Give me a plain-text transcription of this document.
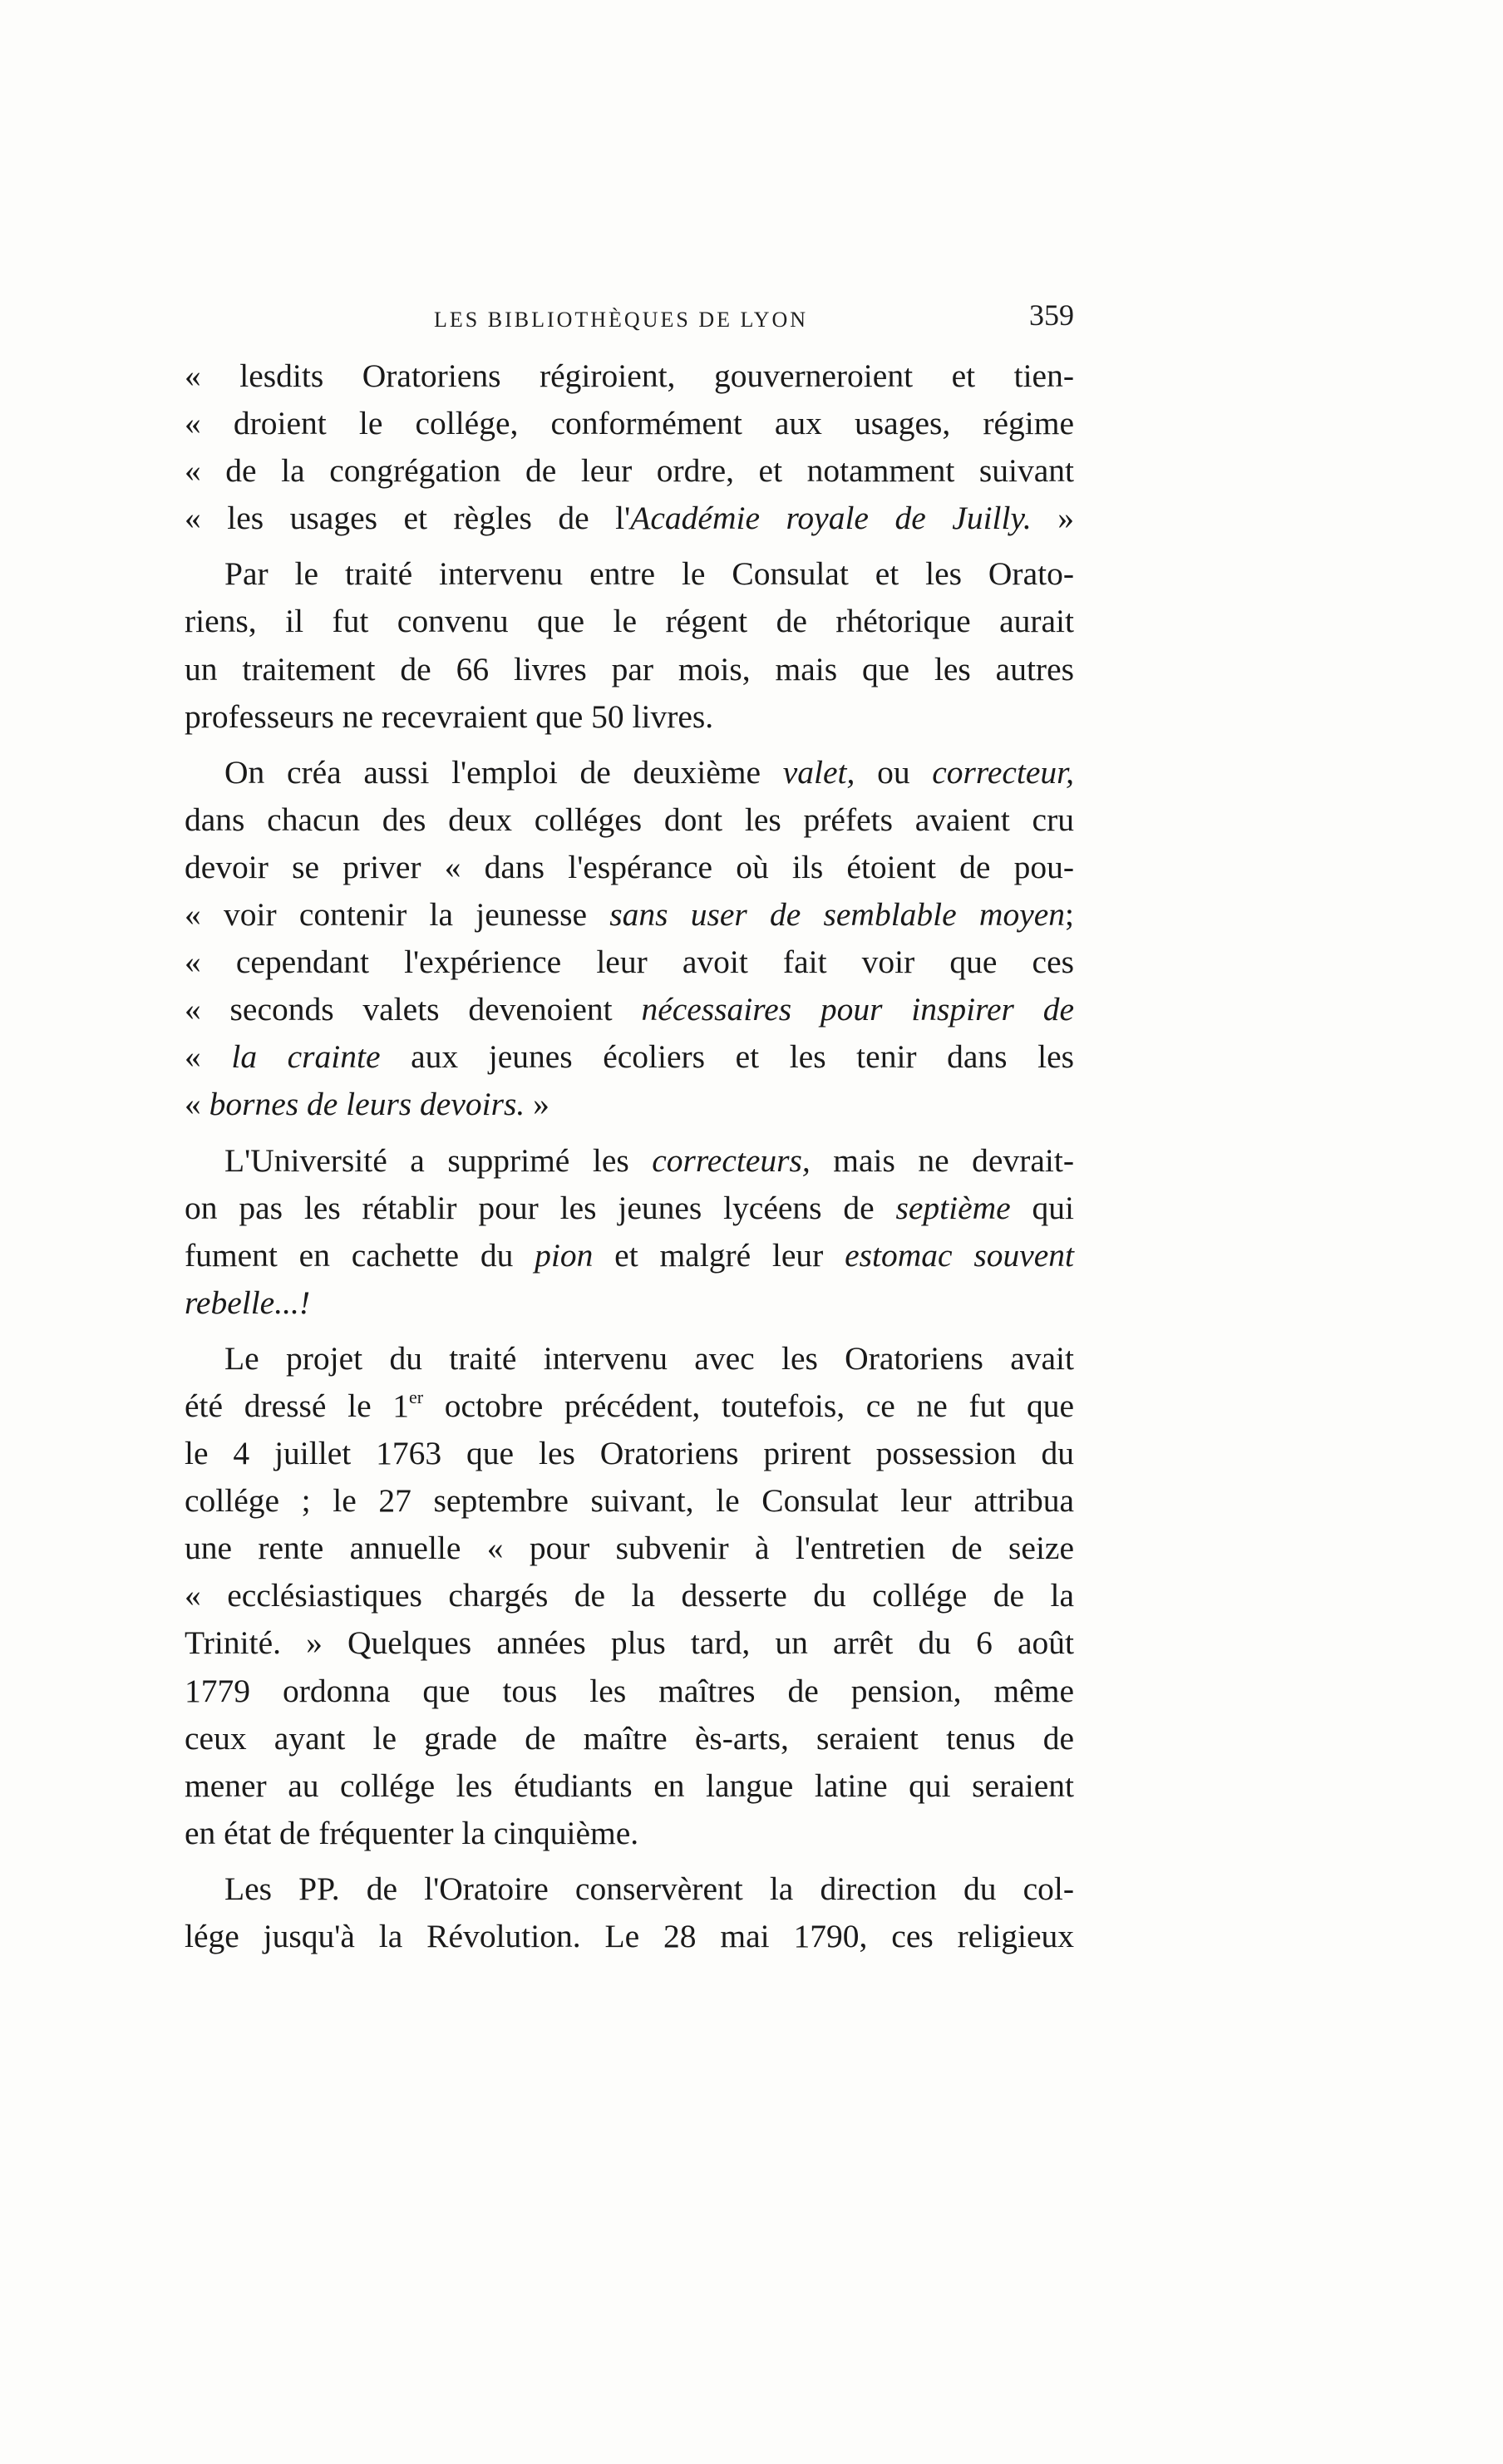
LES BIBLIOTHÈQUES DE LYON	359
« lesdits Oratoriens régiroient, gouverneroient et tien-
« droient le collége, conformément aux usages, régime
« de la congrégation de leur ordre, et notamment suivant
« les usages et règles de l'Académie royale de Juilly. »
Par le traité intervenu entre le Consulat et les Orato-
riens, il fut convenu que le régent de rhétorique aurait
un traitement de 66 livres par mois, mais que les autres
professeurs ne recevraient que 50 livres.
On créa aussi l'emploi de deuxième valet, ou correcteur,
dans chacun des deux colléges dont les préfets avaient cru
devoir se priver « dans l'espérance où ils étoient de pou-
« voir contenir la jeunesse sans user de semblable moyen;
« cependant l'expérience leur avoit fait voir que ces
« seconds valets devenoient nécessaires pour inspirer de
« la crainte aux jeunes écoliers et les tenir dans les
« bornes de leurs devoirs. »
L'Université a supprimé les correcteurs, mais ne devrait-
on pas les rétablir pour les jeunes lycéens de septième qui
fument en cachette du pion et malgré leur estomac souvent
rebelle...!
Le projet du traité intervenu avec les Oratoriens avait
été dressé le 1er octobre précédent, toutefois, ce ne fut que
le 4 juillet 1763 que les Oratoriens prirent possession du
collége ; le 27 septembre suivant, le Consulat leur attribua
une rente annuelle « pour subvenir à l'entretien de seize
« ecclésiastiques chargés de la desserte du collége de la
Trinité. » Quelques années plus tard, un arrêt du 6 août
1779 ordonna que tous les maîtres de pension, même
ceux ayant le grade de maître ès-arts, seraient tenus de
mener au collége les étudiants en langue latine qui seraient
en état de fréquenter la cinquième.
Les PP. de l'Oratoire conservèrent la direction du col-
lége jusqu'à la Révolution. Le 28 mai 1790, ces religieux
